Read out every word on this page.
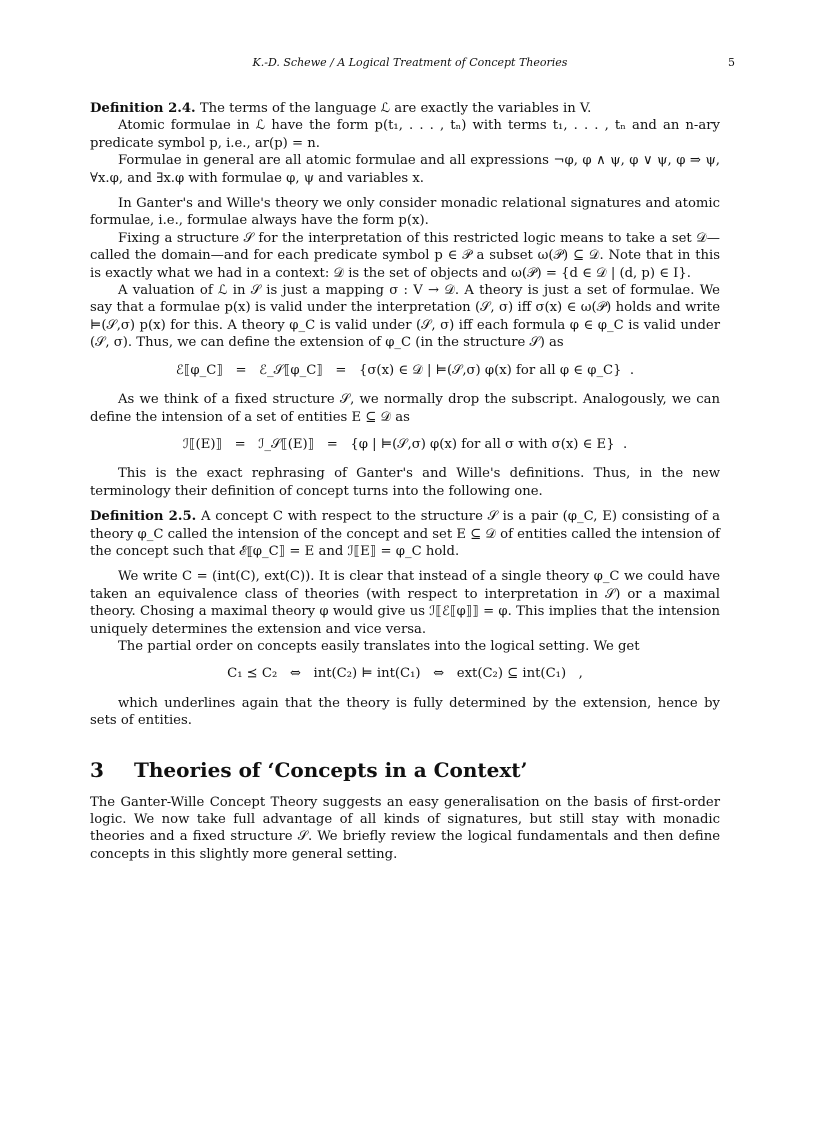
K.-D. Schewe / A Logical Treatment of Concept Theories	5

Definition 2.4. The terms of the language ℒ are exactly the variables in V.

Atomic formulae in ℒ have the form p(t₁, . . . , tₙ) with terms t₁, . . . , tₙ and an n-ary predicate symbol p, i.e., ar(p) = n.

Formulae in general are all atomic formulae and all expressions ¬φ, φ ∧ ψ, φ ∨ ψ, φ ⇒ ψ, ∀x.φ, and ∃x.φ with formulae φ, ψ and variables x.

In Ganter's and Wille's theory we only consider monadic relational signatures and atomic formulae, i.e., formulae always have the form p(x).

Fixing a structure 𝒮 for the interpretation of this restricted logic means to take a set 𝒟—called the domain—and for each predicate symbol p ∈ 𝒫 a subset ω(𝒫) ⊆ 𝒟. Note that in this is exactly what we had in a context: 𝒟 is the set of objects and ω(𝒫) = {d ∈ 𝒟 | (d, p) ∈ I}.

A valuation of ℒ in 𝒮 is just a mapping σ : V → 𝒟. A theory is just a set of formulae. We say that a formulae p(x) is valid under the interpretation (𝒮, σ) iff σ(x) ∈ ω(𝒫) holds and write ⊨(𝒮,σ) p(x) for this. A theory φ_C is valid under (𝒮, σ) iff each formula φ ∈ φ_C is valid under (𝒮, σ). Thus, we can define the extension of φ_C (in the structure 𝒮) as

ℰ⟦φ_C⟧   =   ℰ_𝒮⟦φ_C⟧   =   {σ(x) ∈ 𝒟 | ⊨(𝒮,σ) φ(x) for all φ ∈ φ_C}  .

As we think of a fixed structure 𝒮, we normally drop the subscript. Analogously, we can define the intension of a set of entities E ⊆ 𝒟 as

ℐ⟦(E)⟧   =   ℐ_𝒮⟦(E)⟧   =   {φ | ⊨(𝒮,σ) φ(x) for all σ with σ(x) ∈ E}  .

This is the exact rephrasing of Ganter's and Wille's definitions. Thus, in the new terminology their definition of concept turns into the following one.

Definition 2.5. A concept C with respect to the structure 𝒮 is a pair (φ_C, E) consisting of a theory φ_C called the intension of the concept and set E ⊆ 𝒟 of entities called the intension of the concept such that ℰ⟦φ_C⟧ = E and ℐ⟦E⟧ = φ_C hold.

We write C = (int(C), ext(C)). It is clear that instead of a single theory φ_C we could have taken an equivalence class of theories (with respect to interpretation in 𝒮) or a maximal theory. Chosing a maximal theory φ would give us ℐ⟦ℰ⟦φ⟧⟧ = φ. This implies that the intension uniquely determines the extension and vice versa.

The partial order on concepts easily translates into the logical setting. We get

C₁ ⪯ C₂   ⇔   int(C₂) ⊨ int(C₁)   ⇔   ext(C₂) ⊆ int(C₁)   ,

which underlines again that the theory is fully determined by the extension, hence by sets of entities.

3 Theories of ‘Concepts in a Context’

The Ganter-Wille Concept Theory suggests an easy generalisation on the basis of first-order logic. We now take full advantage of all kinds of signatures, but still stay with monadic theories and a fixed structure 𝒮. We briefly review the logical fundamentals and then define concepts in this slightly more general setting.
